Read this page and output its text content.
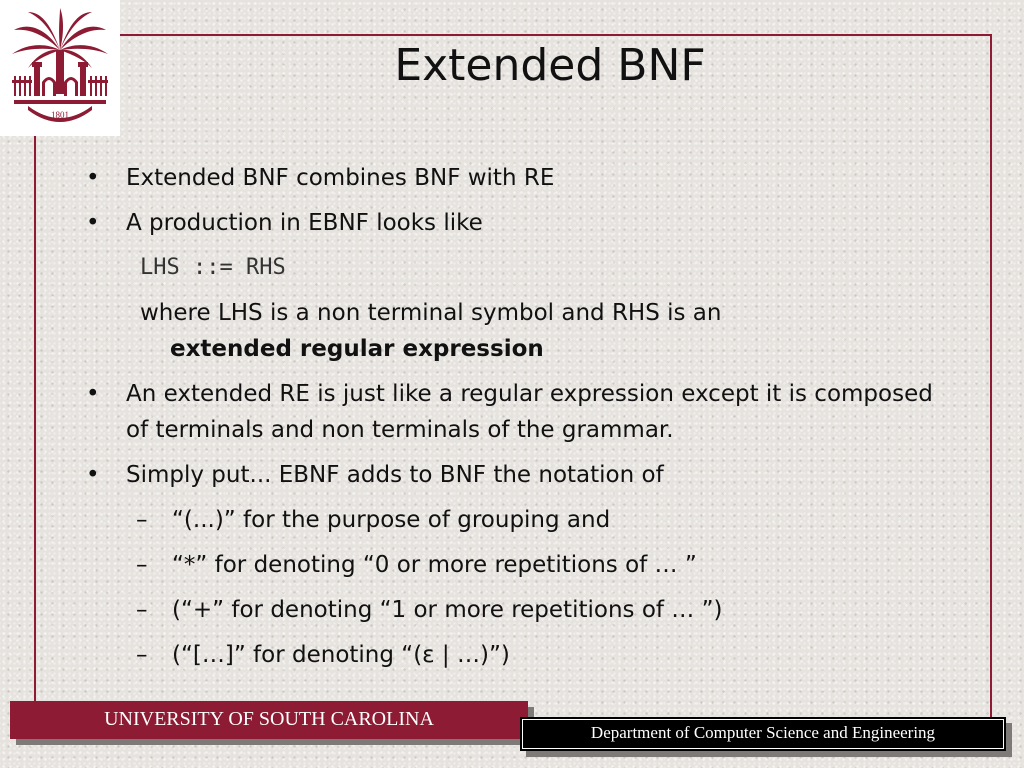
1801
Extended BNF
• Extended BNF combines BNF with RE
• A production in EBNF looks like
LHS ::= RHS
where LHS is a non terminal symbol and RHS is an
extended regular expression
• An extended RE is just like a regular expression except it is composed of terminals and non terminals of the grammar.
• Simply put... EBNF adds to BNF the notation of
– “(...)” for the purpose of grouping and
– “*” for denoting “0 or more repetitions of … ”
– (“+” for denoting “1 or more repetitions of … ”)
– (“[…]” for denoting “(ε | …)”)
UNIVERSITY OF SOUTH CAROLINA
Department of Computer Science and Engineering
